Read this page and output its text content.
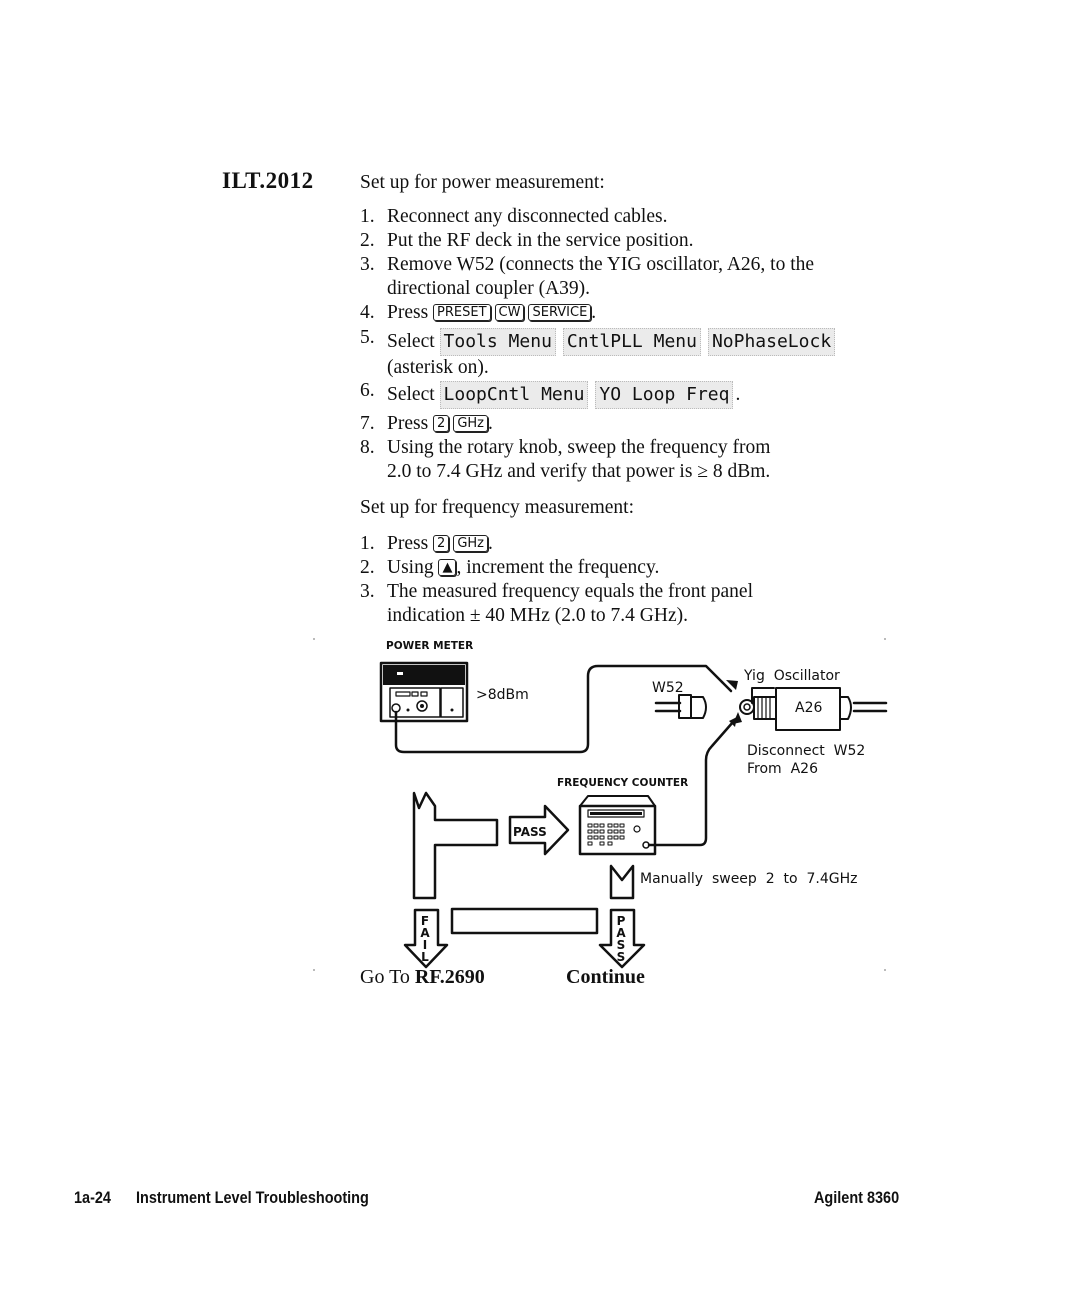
ILT.2012 Set up for power measurement:
1. Reconnect any disconnected cables.
2. Put the RF deck in the service position.
3. Remove W52 (connects the YIG oscillator, A26, to the
directional coupler (A39).
4. Press PRESET CW SERVICE .
5. Select Tools Menu CntlPLL Menu NoPhaseLock
(asterisk on).
6. Select LoopCntl Menu YO Loop Freq .
7. Press 2 GHz .
8. Using the rotary knob, sweep the frequency from
2.0 to 7.4 GHz and verify that power is ≥ 8 dBm.
Set up for frequency measurement:
1. Press 2 GHz .
2. Using ▲ , increment the frequency.
3. The measured frequency equals the front panel
indication ± 40 MHz (2.0 to 7.4 GHz).
POWER METER
>8dBm	W52
Yig  Oscillator
A26
Disconnect  W52
From  A26
FREQUENCY COUNTER
PASS
Manually  sweep  2  to  7.4GHz
F
A
I
L
P
A
S
S
Go To RF.2690	Continue
1a-24 Instrument Level Troubleshooting	Agilent 8360
